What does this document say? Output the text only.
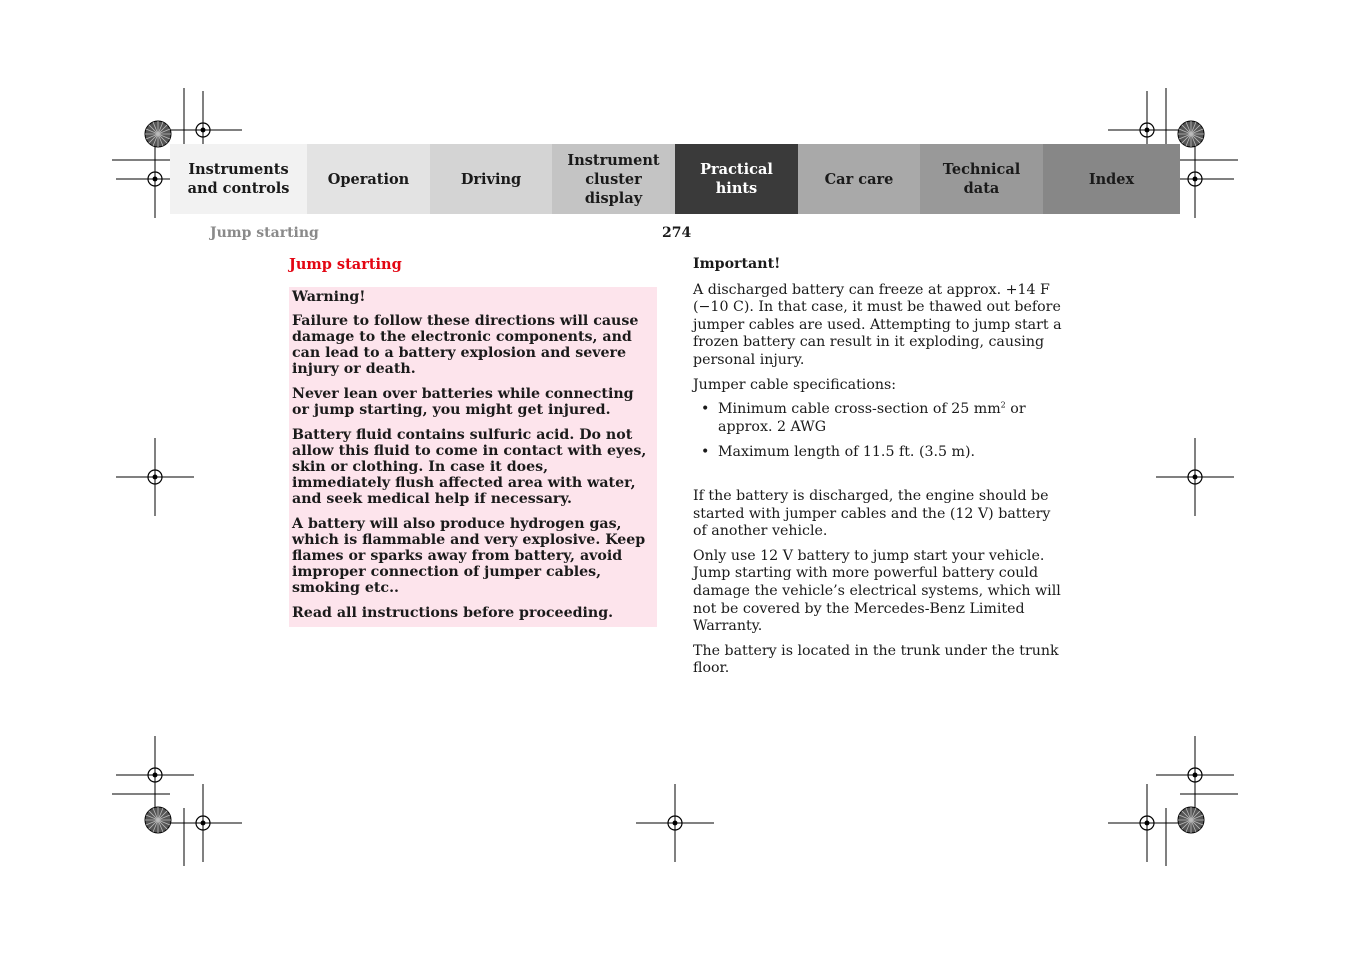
Instruments
and controls
Operation	Driving
Instrument
cluster display
Practical hints
Car care
Technical
data
Index
Jump starting	274
Jump starting

Warning!

Failure to follow these directions will cause damage to the electronic components, and can lead to a battery explosion and severe injury or death.

Never lean over batteries while connecting or jump starting, you might get injured.

Battery fluid contains sulfuric acid. Do not allow this fluid to come in contact with eyes, skin or clothing. In case it does, immediately flush affected area with water, and seek medical help if necessary.

A battery will also produce hydrogen gas, which is flammable and very explosive. Keep flames or sparks away from battery, avoid improper connection of jumper cables, smoking etc..

Read all instructions before proceeding.

Important!

A discharged battery can freeze at approx. +14 F (−10 C). In that case, it must be thawed out before jumper cables are used. Attempting to jump start a frozen battery can result in it exploding, causing personal injury.

Jumper cable specifications:

• Minimum cable cross-section of 25 $mm^2$ or approx. 2 AWG
• Maximum length of 11.5 ft. (3.5 m).

If the battery is discharged, the engine should be started with jumper cables and the (12 V) battery of another vehicle.

Only use 12 V battery to jump start your vehicle. Jump starting with more powerful battery could damage the vehicle’s electrical systems, which will not be covered by the Mercedes-Benz Limited Warranty.

The battery is located in the trunk under the trunk floor.
